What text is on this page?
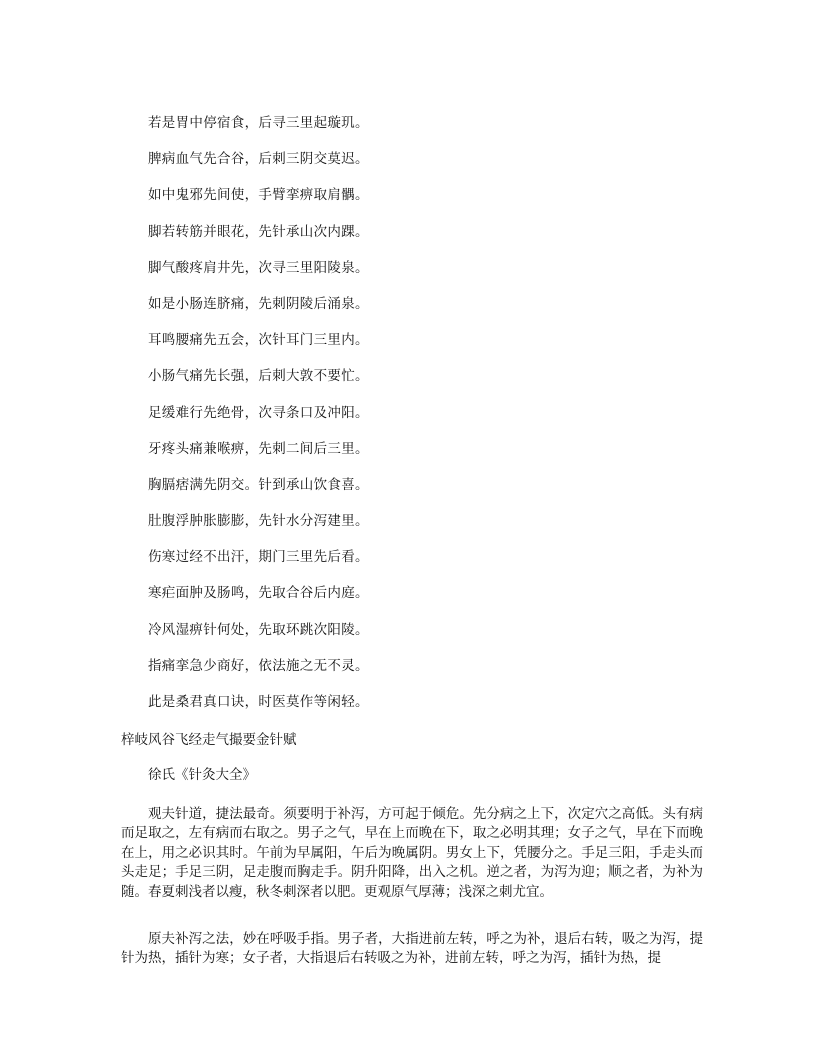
若是胃中停宿食，后寻三里起璇玑。
脾病血气先合谷，后刺三阴交莫迟。
如中鬼邪先间使，手臂挛痹取肩髃。
脚若转筋并眼花，先针承山次内踝。
脚气酸疼肩井先，次寻三里阳陵泉。
如是小肠连脐痛，先刺阴陵后涌泉。
耳鸣腰痛先五会，次针耳门三里内。
小肠气痛先长强，后刺大敦不要忙。
足缓难行先绝骨，次寻条口及冲阳。
牙疼头痛兼喉痹，先刺二间后三里。
胸膈痞满先阴交。针到承山饮食喜。
肚腹浮肿胀膨膨，先针水分泻建里。
伤寒过经不出汗，期门三里先后看。
寒疟面肿及肠鸣，先取合谷后内庭。
冷风湿痹针何处，先取环跳次阳陵。
指痛挛急少商好，依法施之无不灵。
此是桑君真口诀，时医莫作等闲轻。
梓岐风谷飞经走气撮要金针赋
徐氏《针灸大全》

观夫针道，捷法最奇。须要明于补泻，方可起于倾危。先分病之上下，次定穴之高低。头有病而足取之，左有病而右取之。男子之气，早在上而晚在下，取之必明其理；女子之气，早在下而晚在上，用之必识其时。午前为早属阳，午后为晚属阴。男女上下，凭腰分之。手足三阳，手走头而头走足；手足三阴，足走腹而胸走手。阴升阳降，出入之机。逆之者，为泻为迎；顺之者，为补为随。春夏刺浅者以瘦，秋冬刺深者以肥。更观原气厚薄；浅深之刺尤宜。

原夫补泻之法，妙在呼吸手指。男子者，大指进前左转，呼之为补，退后右转，吸之为泻，提针为热，插针为寒；女子者，大指退后右转吸之为补，进前左转，呼之为泻，插针为热，提
